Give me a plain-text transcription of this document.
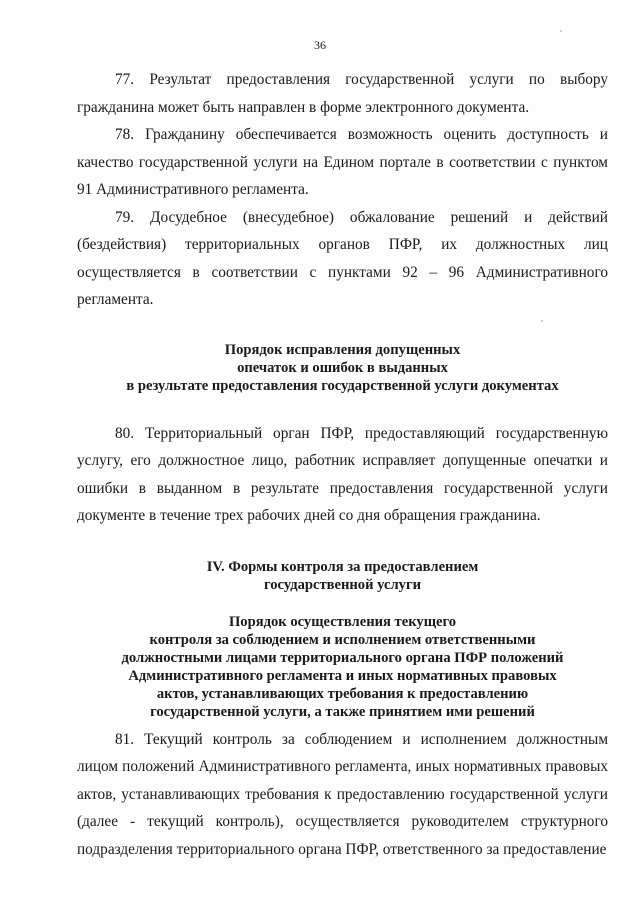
36

77. Результат предоставления государственной услуги по выбору гражданина может быть направлен в форме электронного документа.

78. Гражданину обеспечивается возможность оценить доступность и качество государственной услуги на Едином портале в соответствии с пунктом 91 Административного регламента.

79. Досудебное (внесудебное) обжалование решений и действий (бездействия) территориальных органов ПФР, их должностных лиц осуществляется в соответствии с пунктами 92 – 96 Административного регламента.

Порядок исправления допущенных
опечаток и ошибок в выданных
в результате предоставления государственной услуги документах

80. Территориальный орган ПФР, предоставляющий государственную услугу, его должностное лицо, работник исправляет допущенные опечатки и ошибки в выданном в результате предоставления государственной услуги документе в течение трех рабочих дней со дня обращения гражданина.

IV. Формы контроля за предоставлением
государственной услуги
Порядок осуществления текущего
контроля за соблюдением и исполнением ответственными
должностными лицами территориального органа ПФР положений
Административного регламента и иных нормативных правовых
актов, устанавливающих требования к предоставлению
государственной услуги, а также принятием ими решений

81. Текущий контроль за соблюдением и исполнением должностным лицом положений Административного регламента, иных нормативных правовых актов, устанавливающих требования к предоставлению государственной услуги (далее - текущий контроль), осуществляется руководителем структурного подразделения территориального органа ПФР, ответственного за предоставление
